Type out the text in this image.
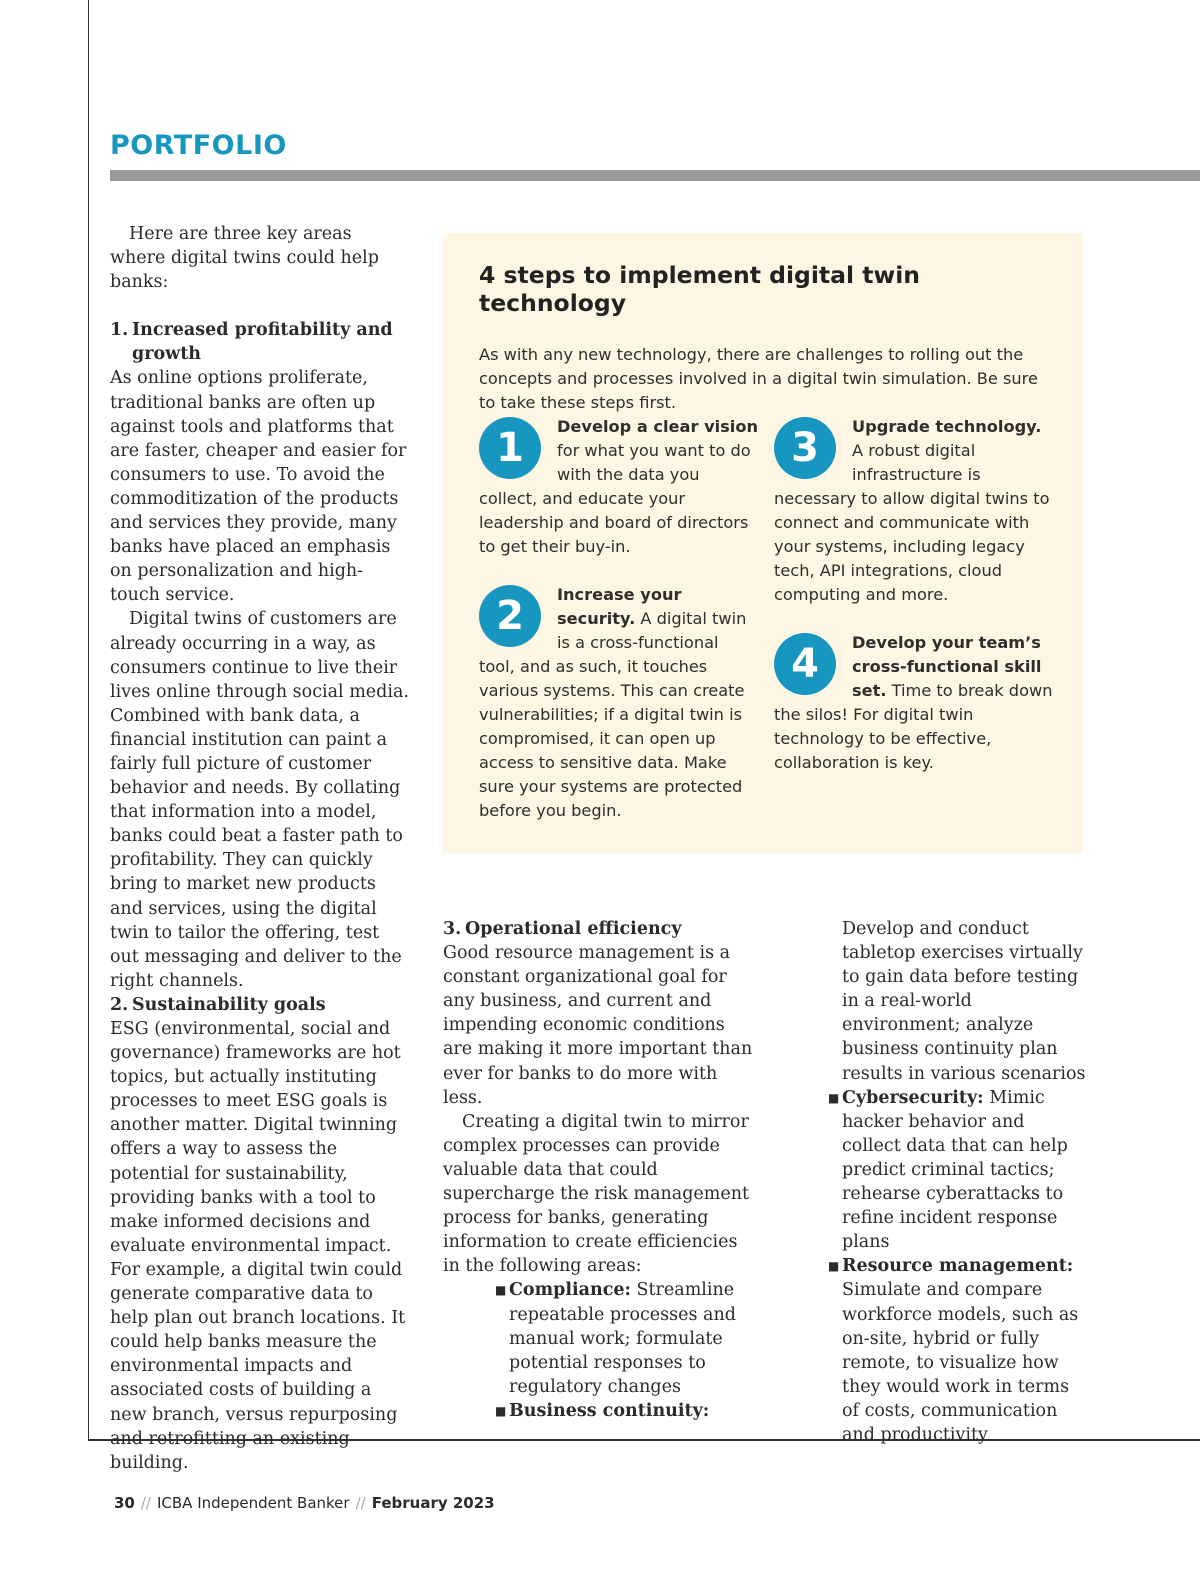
PORTFOLIO

Here are three key areas where digital twins could help banks:

1. Increased profitability and growth

As online options proliferate, traditional banks are often up against tools and platforms that are faster, cheaper and easier for consumers to use. To avoid the commoditization of the products and services they provide, many banks have placed an emphasis on personalization and high-touch service.

Digital twins of customers are already occurring in a way, as consumers continue to live their lives online through social media. Combined with bank data, a financial institution can paint a fairly full picture of customer behavior and needs. By collating that information into a model, banks could beat a faster path to profitability. They can quickly bring to market new products and services, using the digital twin to tailor the offering, test out messaging and deliver to the right channels.

2. Sustainability goals

ESG (environmental, social and governance) frameworks are hot topics, but actually instituting processes to meet ESG goals is another matter. Digital twinning offers a way to assess the potential for sustainability, providing banks with a tool to make informed decisions and evaluate environmental impact. For example, a digital twin could generate comparative data to help plan out branch locations. It could help banks measure the environmental impacts and associated costs of building a new branch, versus repurposing and retrofitting an existing building.

4 steps to implement digital twin technology

As with any new technology, there are challenges to rolling out the concepts and processes involved in a digital twin simulation. Be sure to take these steps first.

1	Develop a clear vision for what you want to do with the data you collect, and educate your leadership and board of directors to get their buy-in.
2	Increase your security. A digital twin is a cross-functional tool, and as such, it touches various systems. This can create vulnerabilities; if a digital twin is compromised, it can open up access to sensitive data. Make sure your systems are protected before you begin.
3	Upgrade technology. A robust digital infrastructure is necessary to allow digital twins to connect and communicate with your systems, including legacy tech, API integrations, cloud computing and more.
4	Develop your team’s cross-functional skill set. Time to break down the silos! For digital twin technology to be effective, collaboration is key.

3. Operational efficiency

Good resource management is a constant organizational goal for any business, and current and impending economic conditions are making it more important than ever for banks to do more with less.

Creating a digital twin to mirror complex processes can provide valuable data that could supercharge the risk management process for banks, generating information to create efficiencies in the following areas:

■ Compliance: Streamline repeatable processes and manual work; formulate potential responses to regulatory changes
■ Business continuity:

Develop and conduct tabletop exercises virtually to gain data before testing in a real-world environment; analyze business continuity plan results in various scenarios

■ Cybersecurity: Mimic hacker behavior and collect data that can help predict criminal tactics; rehearse cyberattacks to refine incident response plans
■ Resource management: Simulate and compare workforce models, such as on-site, hybrid or fully remote, to visualize how they would work in terms of costs, communication and productivity
30 // ICBA Independent Banker // February 2023
